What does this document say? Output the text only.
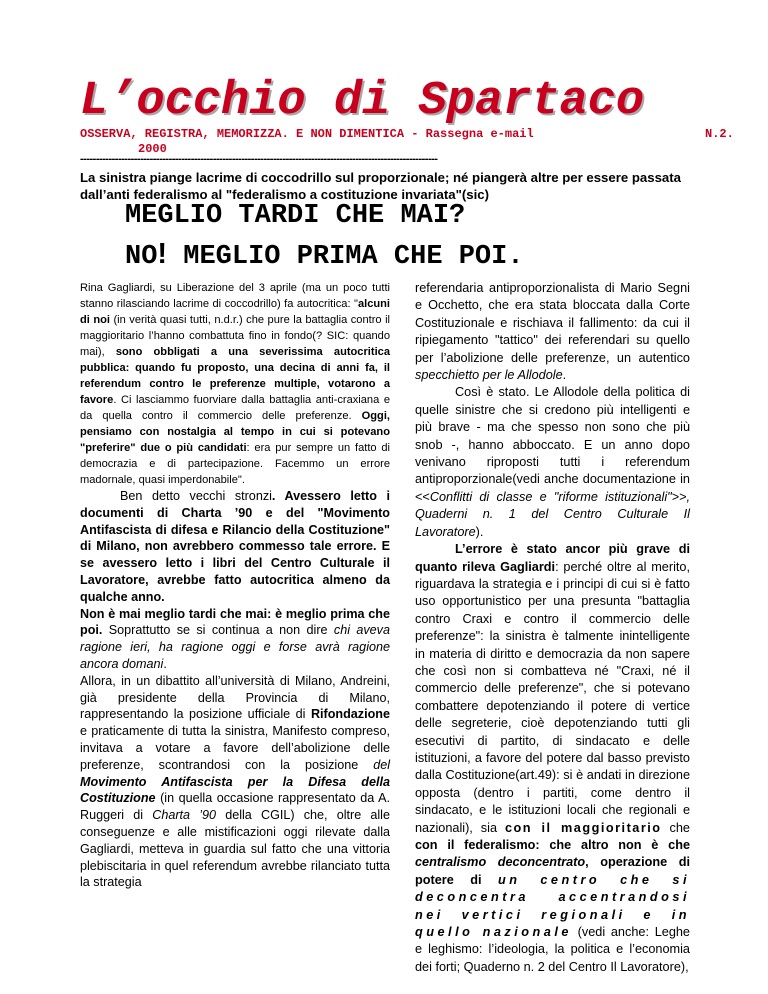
L’occhio di Spartaco
OSSERVA, REGISTRA, MEMORIZZA. E NON DIMENTICA - Rassegna e-mail	N.2.

2000
-----------------------------------------------------------------------------------------------------------------
La sinistra piange lacrime di coccodrillo sul proporzionale; né piangerà altre per essere passata dall’anti federalismo al "federalismo a costituzione invariata"(sic)
MEGLIO TARDI CHE MAI?
NO! MEGLIO PRIMA CHE POI.

Rina Gagliardi, su Liberazione del 3 aprile (ma un poco tutti stanno rilasciando lacrime di coccodrillo) fa autocritica: "alcuni di noi (in verità quasi tutti, n.d.r.) che pure la battaglia contro il maggioritario l’hanno combattuta fino in fondo(? SIC: quando mai), sono obbligati a una severissima autocritica pubblica: quando fu proposto, una decina di anni fa, il referendum contro le preferenze multiple, votarono a favore. Ci lasciammo fuorviare dalla battaglia anti-craxiana e da quella contro il commercio delle preferenze. Oggi, pensiamo con nostalgia al tempo in cui si potevano "preferire" due o più candidati: era pur sempre un fatto di democrazia e di partecipazione. Facemmo un errore madornale, quasi imperdonabile".

Ben detto vecchi stronzi. Avessero letto i documenti di Charta ’90 e del "Movimento Antifascista di difesa e Rilancio della Costituzione" di Milano, non avrebbero commesso tale errore. E se avessero letto i libri del Centro Culturale il Lavoratore, avrebbe fatto autocritica almeno da qualche anno.

Non è mai meglio tardi che mai: è meglio prima che poi. Soprattutto se si continua a non dire chi aveva ragione ieri, ha ragione oggi e forse avrà ragione ancora domani.

Allora, in un dibattito all’università di Milano, Andreini, già presidente della Provincia di Milano, rappresentando la posizione ufficiale di Rifondazione e praticamente di tutta la sinistra, Manifesto compreso, invitava a votare a favore dell’abolizione delle preferenze, scontrandosi con la posizione del Movimento Antifascista per la Difesa della Costituzione (in quella occasione rappresentato da A. Ruggeri di Charta ’90 della CGIL) che, oltre alle conseguenze e alle mistificazioni oggi rilevate dalla Gagliardi, metteva in guardia sul fatto che una vittoria plebiscitaria in quel referendum avrebbe rilanciato tutta la strategia

referendaria antiproporzionalista di Mario Segni e Occhetto, che era stata bloccata dalla Corte Costituzionale e rischiava il fallimento: da cui il ripiegamento "tattico" dei referendari su quello per l’abolizione delle preferenze, un autentico specchietto per le Allodole.

Così è stato. Le Allodole della politica di quelle sinistre che si credono più intelligenti e più brave - ma che spesso non sono che più snob -, hanno abboccato. E un anno dopo venivano riproposti tutti i referendum antiproporzionale(vedi anche documentazione in <<Conflitti di classe e "riforme istituzionali">>, Quaderni n. 1 del Centro Culturale Il Lavoratore).

L’errore è stato ancor più grave di quanto rileva Gagliardi: perché oltre al merito, riguardava la strategia e i principi di cui si è fatto uso opportunistico per una presunta "battaglia contro Craxi e contro il commercio delle preferenze": la sinistra è talmente inintelligente in materia di diritto e democrazia da non sapere che così non si combatteva né "Craxi, né il commercio delle preferenze", che si potevano combattere depotenziando il potere di vertice delle segreterie, cioè depotenziando tutti gli esecutivi di partito, di sindacato e delle istituzioni, a favore del potere dal basso previsto dalla Costituzione(art.49): si è andati in direzione opposta (dentro i partiti, come dentro il sindacato, e le istituzioni locali che regionali e nazionali), sia con il maggioritario che con il federalismo: che altro non è che centralismo deconcentrato, operazione di potere di un centro che si deconcentra accentrandosi nei vertici regionali e in quello nazionale (vedi anche: Leghe e leghismo: l’ideologia, la politica e l’economia dei forti; Quaderno n. 2 del Centro Il Lavoratore),
